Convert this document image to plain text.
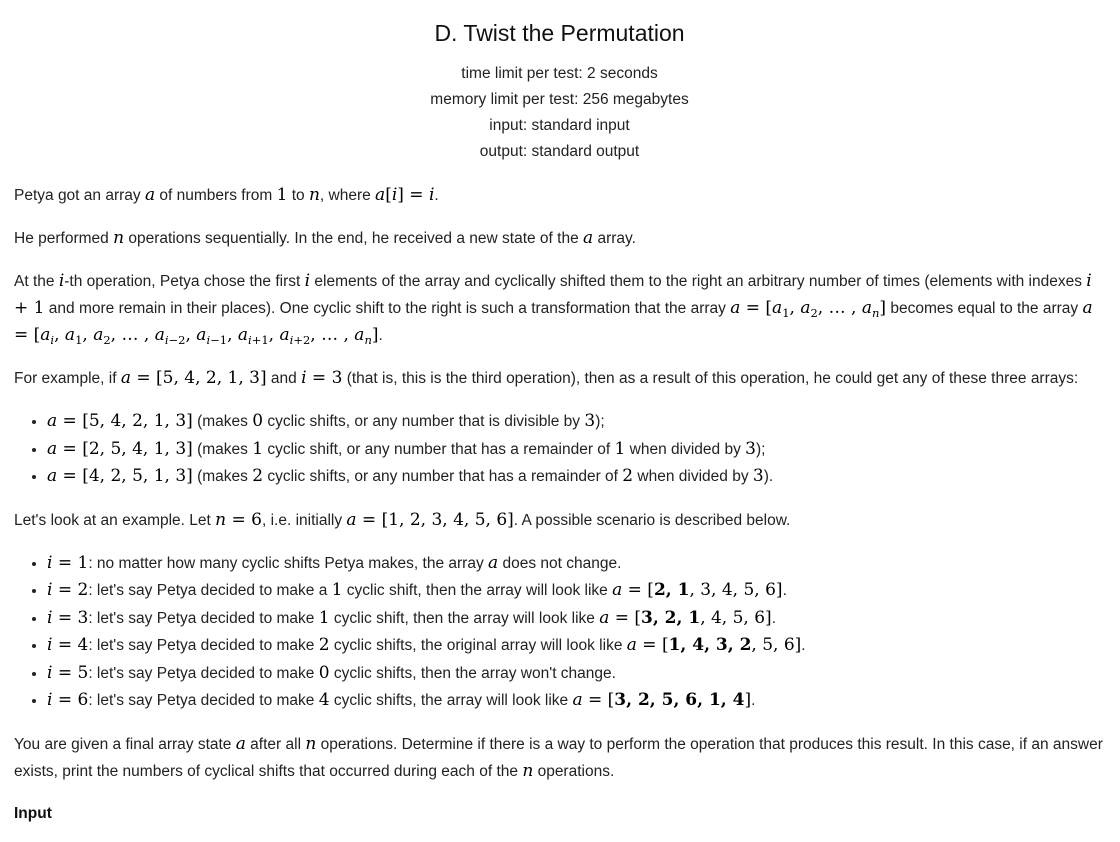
D. Twist the Permutation
time limit per test: 2 seconds
memory limit per test: 256 megabytes
input: standard input
output: standard output

Petya got an array a of numbers from 1 to n, where a[i] = i.

He performed n operations sequentially. In the end, he received a new state of the a array.

At the i-th operation, Petya chose the first i elements of the array and cyclically shifted them to the right an arbitrary number of times (elements with indexes i + 1 and more remain in their places). One cyclic shift to the right is such a transformation that the array $a = [a_1$, $a_2$, … , $a_n$] becomes equal to the array $a = [a_i$, $a_1$, $a_2$, … , $a_{i-2}$, $a_{i-1}$, $a_{i+1}$, $a_{i+2}$, … , $a_n$].

For example, if a = [5, 4, 2, 1, 3] and i = 3 (that is, this is the third operation), then as a result of this operation, he could get any of these three arrays:

• a = [5, 4, 2, 1, 3] (makes 0 cyclic shifts, or any number that is divisible by 3);
• a = [2, 5, 4, 1, 3] (makes 1 cyclic shift, or any number that has a remainder of 1 when divided by 3);
• a = [4, 2, 5, 1, 3] (makes 2 cyclic shifts, or any number that has a remainder of 2 when divided by 3).

Let's look at an example. Let n = 6, i.e. initially a = [1, 2, 3, 4, 5, 6]. A possible scenario is described below.

• i = 1: no matter how many cyclic shifts Petya makes, the array a does not change.
• i = 2: let's say Petya decided to make a 1 cyclic shift, then the array will look like a = [2, 1, 3, 4, 5, 6].
• i = 3: let's say Petya decided to make 1 cyclic shift, then the array will look like a = [3, 2, 1, 4, 5, 6].
• i = 4: let's say Petya decided to make 2 cyclic shifts, the original array will look like a = [1, 4, 3, 2, 5, 6].
• i = 5: let's say Petya decided to make 0 cyclic shifts, then the array won't change.
• i = 6: let's say Petya decided to make 4 cyclic shifts, the array will look like a = [3, 2, 5, 6, 1, 4].

You are given a final array state a after all n operations. Determine if there is a way to perform the operation that produces this result. In this case, if an answer exists, print the numbers of cyclical shifts that occurred during each of the n operations.

Input
